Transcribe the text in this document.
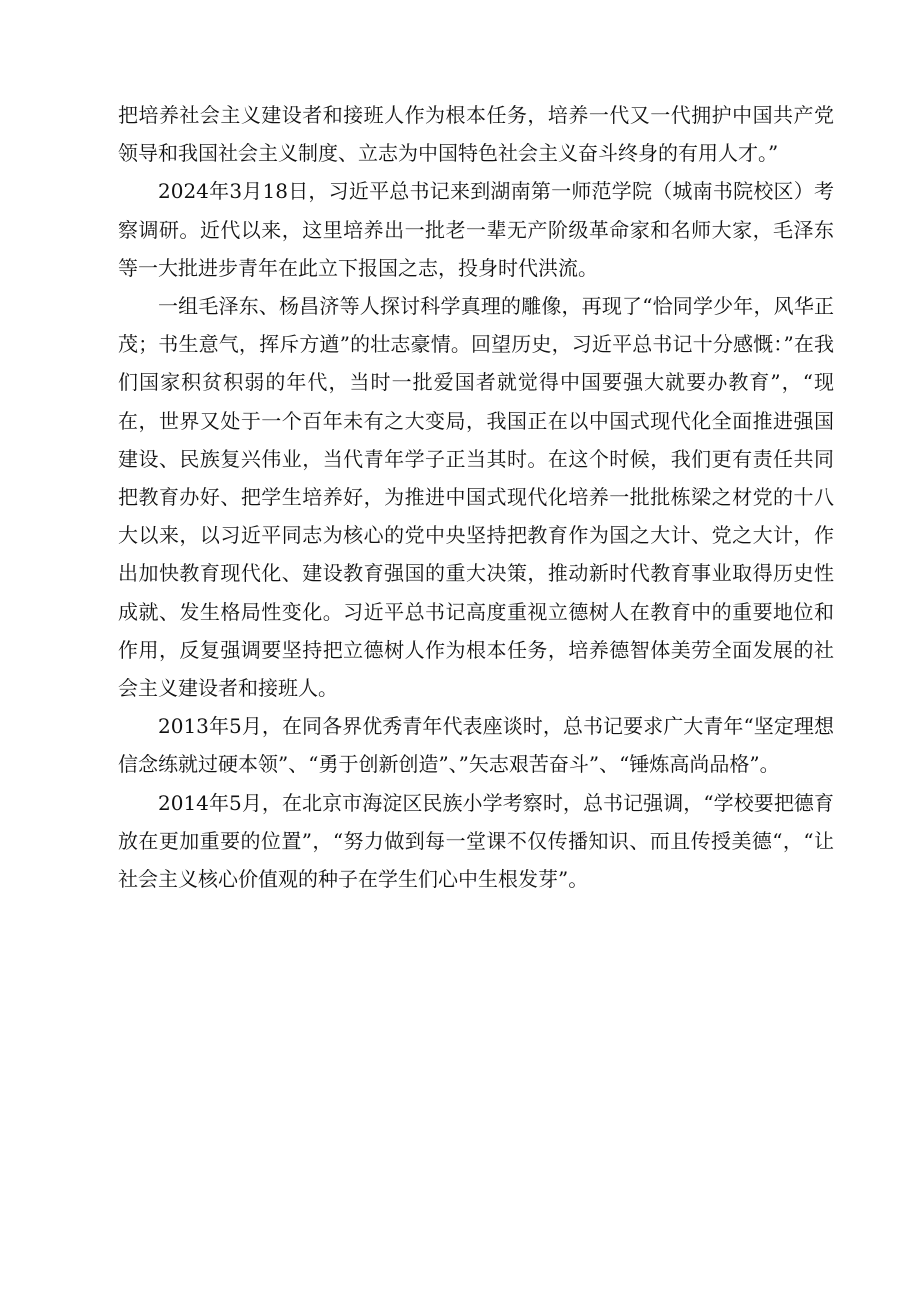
把培养社会主义建设者和接班人作为根本任务，培养一代又一代拥护中国共产党领导和我国社会主义制度、立志为中国特色社会主义奋斗终身的有用人才。”

2024年3月18日，习近平总书记来到湖南第一师范学院（城南书院校区）考察调研。近代以来，这里培养出一批老一辈无产阶级革命家和名师大家，毛泽东等一大批进步青年在此立下报国之志，投身时代洪流。

一组毛泽东、杨昌济等人探讨科学真理的雕像，再现了“恰同学少年，风华正茂；书生意气，挥斥方遒”的壮志豪情。回望历史，习近平总书记十分感慨：”在我们国家积贫积弱的年代，当时一批爱国者就觉得中国要强大就要办教育”，“现在，世界又处于一个百年未有之大变局，我国正在以中国式现代化全面推进强国建设、民族复兴伟业，当代青年学子正当其时。在这个时候，我们更有责任共同把教育办好、把学生培养好，为推进中国式现代化培养一批批栋梁之材党的十八大以来，以习近平同志为核心的党中央坚持把教育作为国之大计、党之大计，作出加快教育现代化、建设教育强国的重大决策，推动新时代教育事业取得历史性成就、发生格局性变化。习近平总书记高度重视立德树人在教育中的重要地位和作用，反复强调要坚持把立德树人作为根本任务，培养德智体美劳全面发展的社会主义建设者和接班人。

2013年5月，在同各界优秀青年代表座谈时，总书记要求广大青年“坚定理想信念练就过硬本领”、“勇于创新创造”、”矢志艰苦奋斗”、“锤炼高尚品格”。

2014年5月，在北京市海淀区民族小学考察时，总书记强调，“学校要把德育放在更加重要的位置”，“努力做到每一堂课不仅传播知识、而且传授美德“，“让社会主义核心价值观的种子在学生们心中生根发芽”。
